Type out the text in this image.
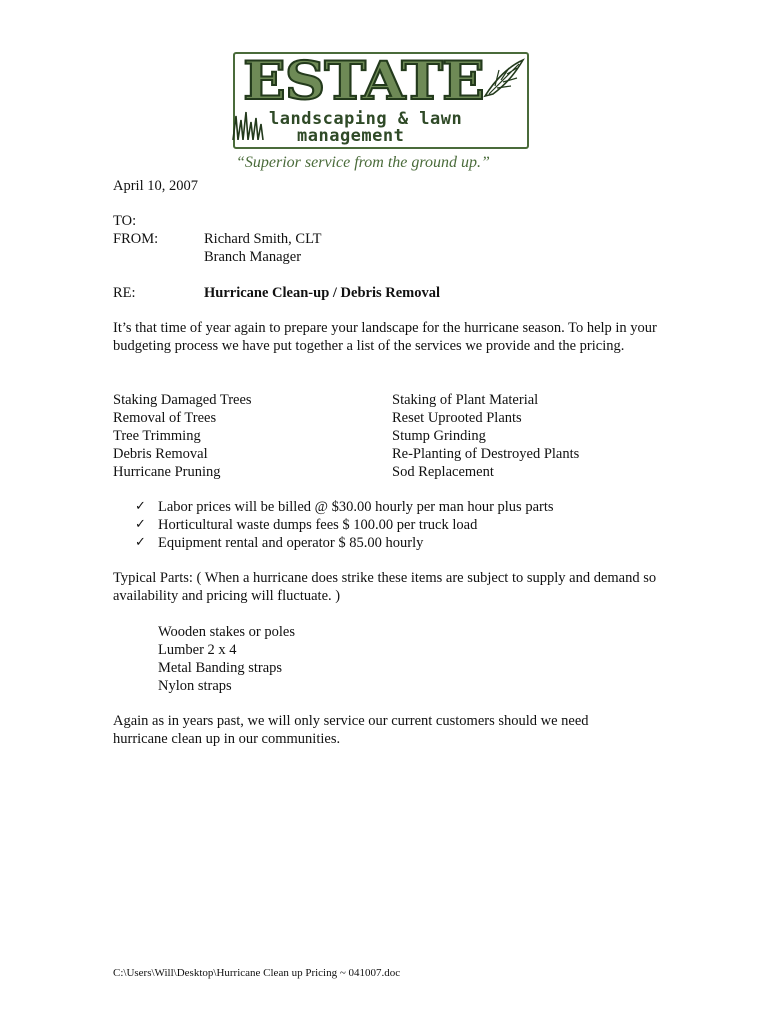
ESTATE
landscaping & lawn
management
“Superior service from the ground up.”
April 10, 2007
TO:
FROM:	Richard Smith, CLT
Branch Manager
RE:	Hurricane Clean-up / Debris Removal
It’s that time of year again to prepare your landscape for the hurricane season. To help in your budgeting process we have put together a list of the services we provide and the pricing.
Staking Damaged Trees
Removal of Trees
Tree Trimming
Debris Removal
Hurricane Pruning
Staking of Plant Material
Reset Uprooted Plants
Stump Grinding
Re-Planting of Destroyed Plants
Sod Replacement
✓ Labor prices will be billed @ $30.00 hourly per man hour plus parts
✓ Horticultural waste dumps fees $ 100.00 per truck load
✓ Equipment rental and operator $ 85.00 hourly
Typical Parts: ( When a hurricane does strike these items are subject to supply and demand so availability and pricing will fluctuate. )
Wooden stakes or poles
Lumber 2 x 4
Metal Banding straps
Nylon straps
Again as in years past, we will only service our current customers should we need hurricane clean up in our communities.
C:\Users\Will\Desktop\Hurricane Clean up Pricing ~ 041007.doc
